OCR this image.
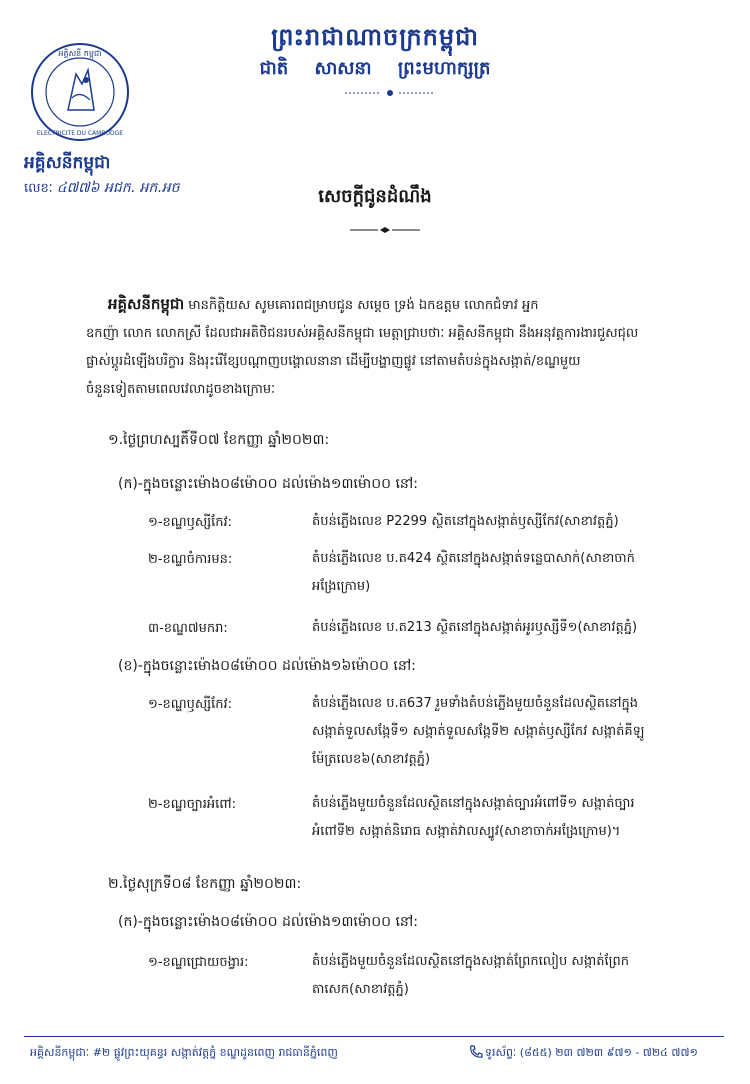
ព្រះរាជាណាចក្រកម្ពុជា
ជាតិ សាសនា ព្រះមហាក្សត្រ
អគ្គិសនី កម្ពុជា
ELECTRICITE DU CAMBODGE
អគ្គិសនីកម្ពុជា
លេខៈ ៤៧៧៦ អជក. អក.អច	សេចក្តីជូនដំណឹង
អគ្គិសនីកម្ពុជា មានកិត្តិយស សូមគោរពជម្រាបជូន សម្តេច ទ្រង់ ឯកឧត្តម លោកជំទាវ អ្នក
ឧកញ៉ា លោក លោកស្រី ដែលជាអតិថិជនរបស់អគ្គិសនីកម្ពុជា មេត្តាជ្រាបថាៈ អគ្គិសនីកម្ពុជា នឹងអនុវត្តការងារជួសជុល
ផ្លាស់ប្តូរដំឡើងបរិក្ខារ និងរុះរើខ្សែបណ្តាញបង្គោលនានា ដើម្បីបង្ហាញផ្លូវ នៅតាមតំបន់ក្នុងសង្កាត់/ខណ្ឌមួយ
ចំនួនទៀតតាមពេលវេលាដូចខាងក្រោមៈ
១.ថ្ងៃព្រហស្បតិ៍ទី០៧ ខែកញ្ញា ឆ្នាំ២០២៣:
(ក)-ក្នុងចន្លោះម៉ោង០៨ម៉ោ០០ ដល់ម៉ោង១៣ម៉ោ០០ នៅ:
១-ខណ្ឌឫស្សីកែវ:	តំបន់ភ្លើងលេខ P2299 ស្ថិតនៅក្នុងសង្កាត់ឫស្សីកែវ(សាខាវត្តភ្នំ)
២-ខណ្ឌចំការមន:	តំបន់ភ្លើងលេខ ប.ត424 ស្ថិតនៅក្នុងសង្កាត់ទន្លេបាសាក់(សាខាចាក់
អង្រែក្រោម)
៣-ខណ្ឌ៧មករា:	តំបន់ភ្លើងលេខ ប.ត213 ស្ថិតនៅក្នុងសង្កាត់អូរឫស្សីទី១(សាខាវត្តភ្នំ)
(ខ)-ក្នុងចន្លោះម៉ោង០៨ម៉ោ០០ ដល់ម៉ោង១៦ម៉ោ០០ នៅ:
១-ខណ្ឌឫស្សីកែវ:	តំបន់ភ្លើងលេខ ប.ត637 រួមទាំងតំបន់ភ្លើងមួយចំនួនដែលស្ថិតនៅក្នុង
សង្កាត់ទួលសង្កែទី១ សង្កាត់ទួលសង្កែទី២ សង្កាត់ឫស្សីកែវ សង្កាត់គីឡូ
ម៉ែត្រលេខ៦(សាខាវត្តភ្នំ)
២-ខណ្ឌច្បារអំពៅ:	តំបន់ភ្លើងមួយចំនួនដែលស្ថិតនៅក្នុងសង្កាត់ច្បារអំពៅទី១ សង្កាត់ច្បារ
អំពៅទី២ សង្កាត់និរោធ សង្កាត់វាលស្បូវ(សាខាចាក់អង្រែក្រោម)។
២.ថ្ងៃសុក្រទី០៨ ខែកញ្ញា ឆ្នាំ២០២៣:
(ក)-ក្នុងចន្លោះម៉ោង០៨ម៉ោ០០ ដល់ម៉ោង១៣ម៉ោ០០ នៅ:
១-ខណ្ឌជ្រោយចង្វារ:	តំបន់ភ្លើងមួយចំនួនដែលស្ថិតនៅក្នុងសង្កាត់ព្រែកលៀប សង្កាត់ព្រែក
តាសេក(សាខាវត្តភ្នំ)
អគ្គិសនីកម្ពុជាៈ #២ ផ្លូវព្រះយុគន្ធរ សង្កាត់វត្តភ្នំ ខណ្ឌដូនពេញ រាជធានីភ្នំពេញ	ទូរស័ព្ទៈ (៨៥៥) ២៣ ៧២៣ ៩៧១ - ៧២៤ ៧៧១
